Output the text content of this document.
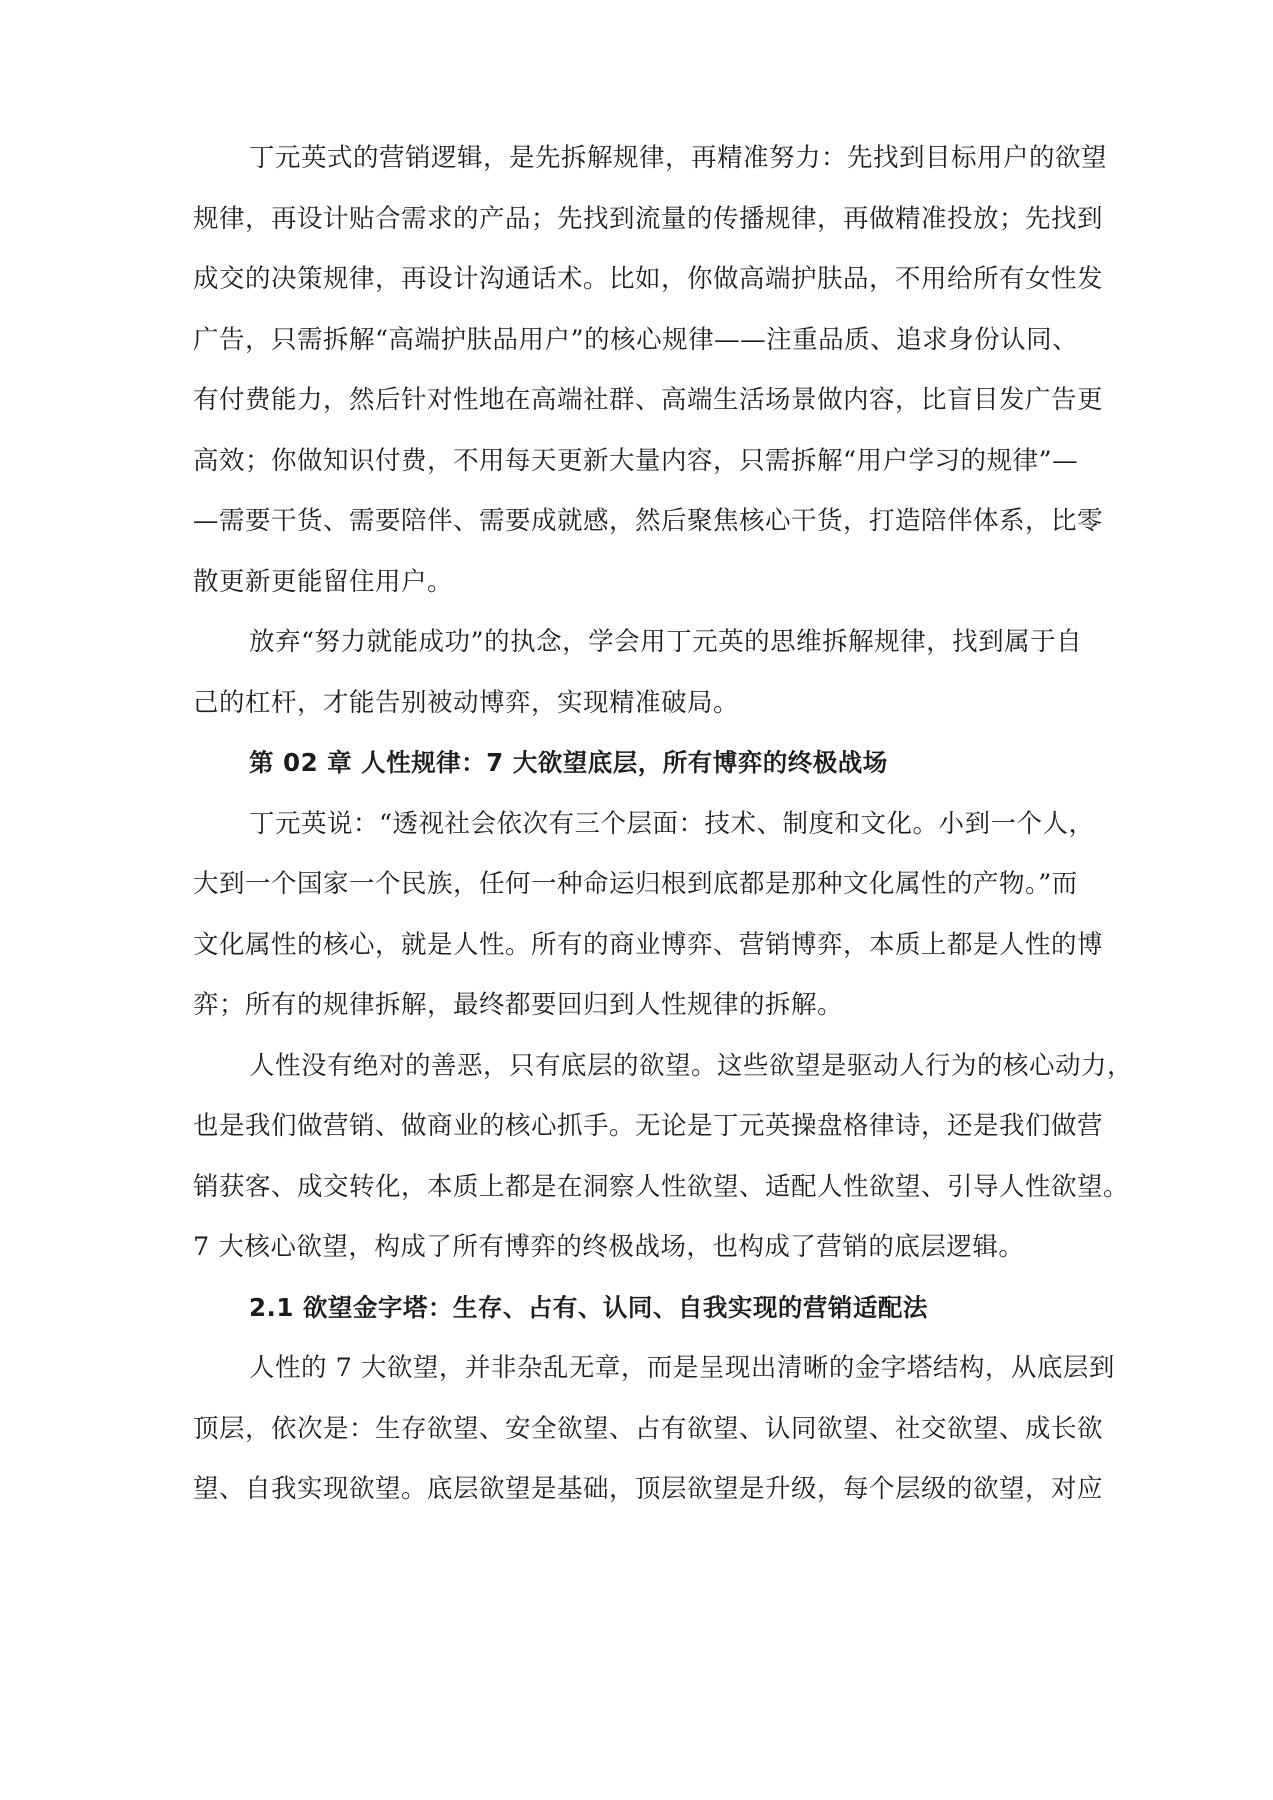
丁元英式的营销逻辑，是先拆解规律，再精准努力：先找到目标用户的欲望
规律，再设计贴合需求的产品；先找到流量的传播规律，再做精准投放；先找到
成交的决策规律，再设计沟通话术。比如，你做高端护肤品，不用给所有女性发
广告，只需拆解“高端护肤品用户”的核心规律——注重品质、追求身份认同、
有付费能力，然后针对性地在高端社群、高端生活场景做内容，比盲目发广告更
高效；你做知识付费，不用每天更新大量内容，只需拆解“用户学习的规律”—
—需要干货、需要陪伴、需要成就感，然后聚焦核心干货，打造陪伴体系，比零
散更新更能留住用户。
放弃“努力就能成功”的执念，学会用丁元英的思维拆解规律，找到属于自
己的杠杆，才能告别被动博弈，实现精准破局。
第 02 章 人性规律：7 大欲望底层，所有博弈的终极战场
丁元英说：“透视社会依次有三个层面：技术、制度和文化。小到一个人，
大到一个国家一个民族，任何一种命运归根到底都是那种文化属性的产物。”而
文化属性的核心，就是人性。所有的商业博弈、营销博弈，本质上都是人性的博
弈；所有的规律拆解，最终都要回归到人性规律的拆解。
人性没有绝对的善恶，只有底层的欲望。这些欲望是驱动人行为的核心动力，
也是我们做营销、做商业的核心抓手。无论是丁元英操盘格律诗，还是我们做营
销获客、成交转化，本质上都是在洞察人性欲望、适配人性欲望、引导人性欲望。
7 大核心欲望，构成了所有博弈的终极战场，也构成了营销的底层逻辑。
2.1 欲望金字塔：生存、占有、认同、自我实现的营销适配法
人性的 7 大欲望，并非杂乱无章，而是呈现出清晰的金字塔结构，从底层到
顶层，依次是：生存欲望、安全欲望、占有欲望、认同欲望、社交欲望、成长欲
望、自我实现欲望。底层欲望是基础，顶层欲望是升级，每个层级的欲望，对应
